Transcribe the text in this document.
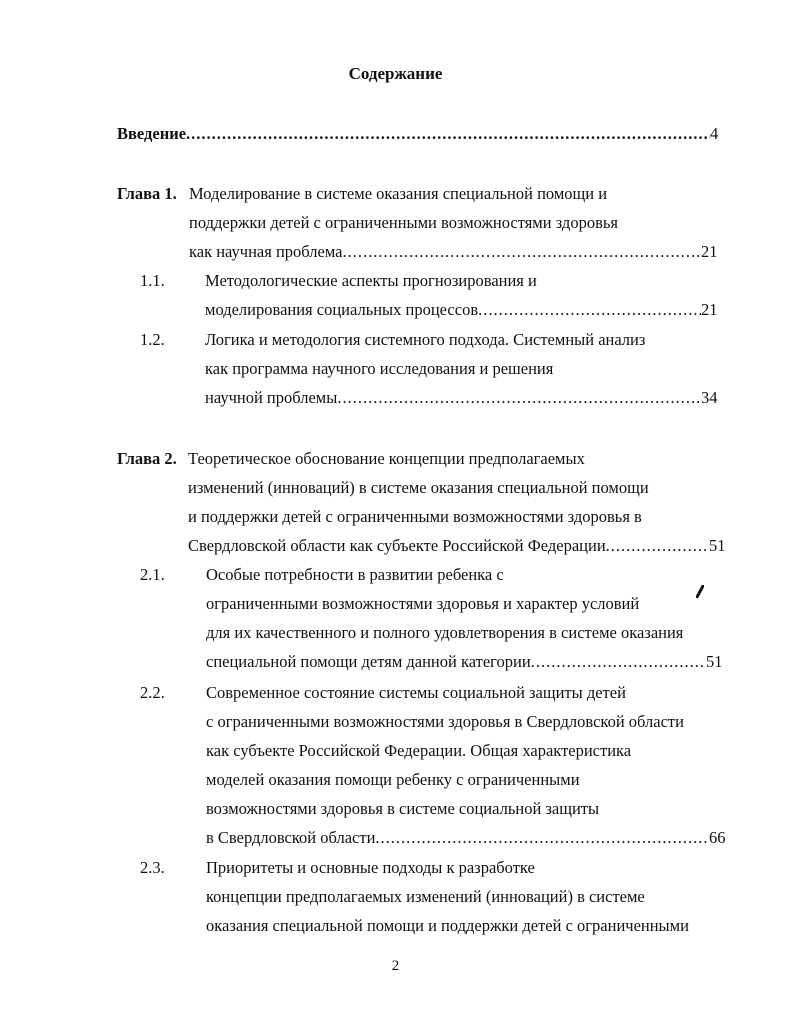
Содержание
Введение .....	4
Глава 1. Моделирование в системе оказания специальной помощи и
поддержки детей с ограниченными возможностями здоровья
как научная проблема .....	21
1.1. Методологические аспекты прогнозирования и
моделирования социальных процессов .....	21
1.2. Логика и методология системного подхода. Системный анализ
как программа научного исследования и решения
научной проблемы .....	34
Глава 2. Теоретическое обоснование концепции предполагаемых
изменений (инноваций) в системе оказания специальной помощи
и поддержки детей с ограниченными возможностями здоровья в
Свердловской области как субъекте Российской Федерации .....	51
2.1.	Особые потребности в развитии ребенка с
ограниченными возможностями здоровья и характер условий
для их качественного и полного удовлетворения в системе оказания
специальной помощи детям данной категории .....	51
2.2.	Современное состояние системы социальной защиты детей
с ограниченными возможностями здоровья в Свердловской области
как субъекте Российской Федерации. Общая характеристика
моделей оказания помощи ребенку с ограниченными
возможностями здоровья в системе социальной защиты
в Свердловской области .....	66
2.3.	Приоритеты и основные подходы к разработке
концепции предполагаемых изменений (инноваций) в системе
оказания специальной помощи и поддержки детей с ограниченными
2
